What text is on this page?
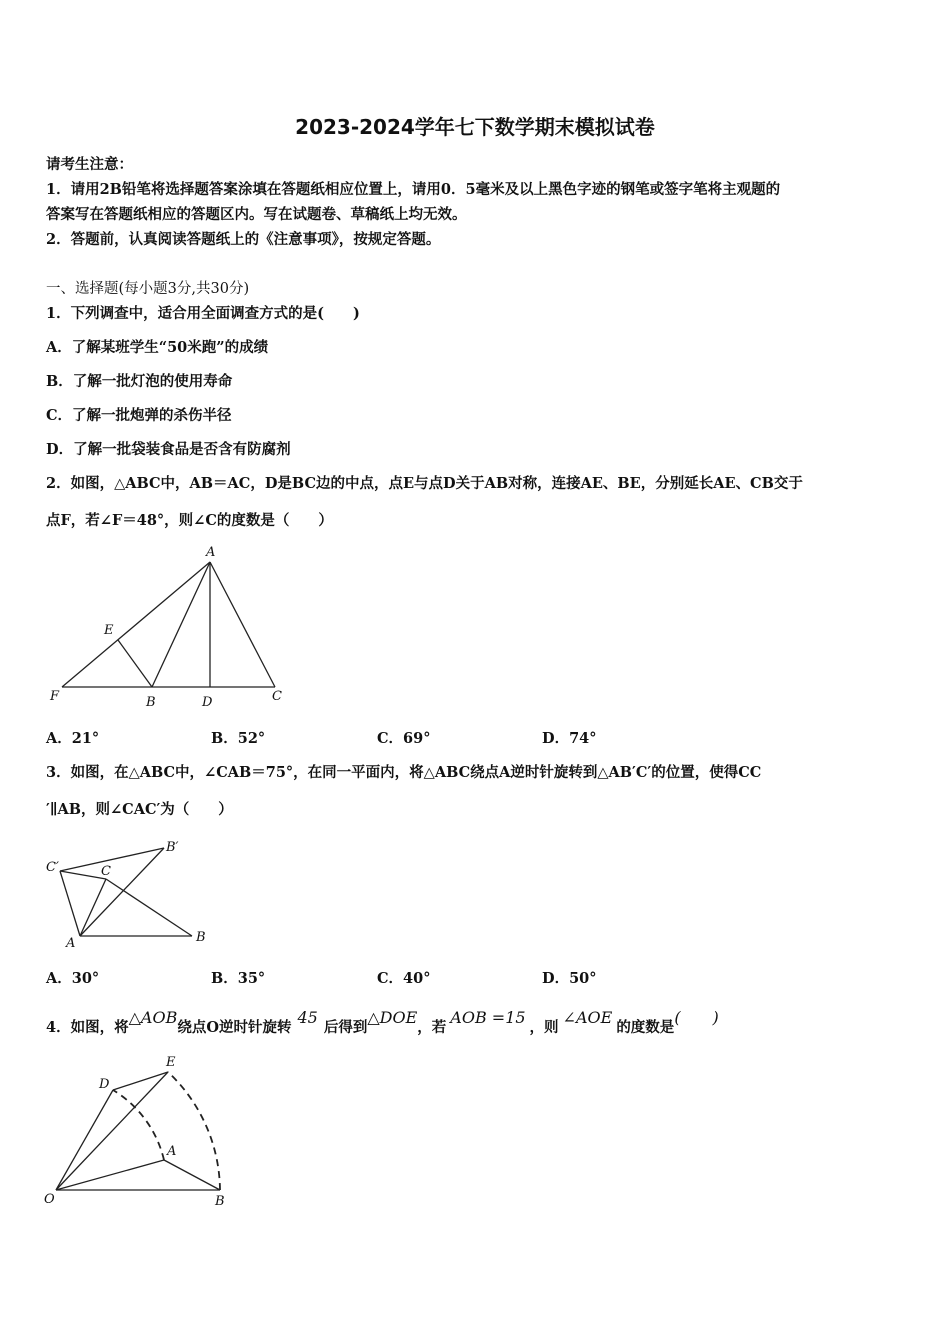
2023-2024学年七下数学期末模拟试卷
请考生注意：
1．请用2B铅笔将选择题答案涂填在答题纸相应位置上，请用0．5毫米及以上黑色字迹的钢笔或签字笔将主观题的
答案写在答题纸相应的答题区内。写在试题卷、草稿纸上均无效。
2．答题前，认真阅读答题纸上的《注意事项》，按规定答题。
一、选择题(每小题3分,共30分)
1．下列调查中，适合用全面调查方式的是(　　)
A．了解某班学生“50米跑”的成绩
B．了解一批灯泡的使用寿命
C．了解一批炮弹的杀伤半径
D．了解一批袋装食品是否含有防腐剂
2．如图，△ABC中，AB＝AC，D是BC边的中点，点E与点D关于AB对称，连接AE、BE，分别延长AE、CB交于
点F，若∠F＝48°，则∠C的度数是（　　）
A
E
F	B	D	C
A．21°	B．52°	C．69°	D．74°
3．如图，在△ABC中，∠CAB＝75°，在同一平面内，将△ABC绕点A逆时针旋转到△AB′C′的位置，使得CC
′∥AB，则∠CAC′为（　　）
C′	C
B′
A	B
A．30°	B．35°	C．40°	D．50°
4．如图，将△AOB绕点O逆时针旋转45后得到△DOE，若AOB =15，则∠AOE的度数是(　　)
E
D
A
O	B
